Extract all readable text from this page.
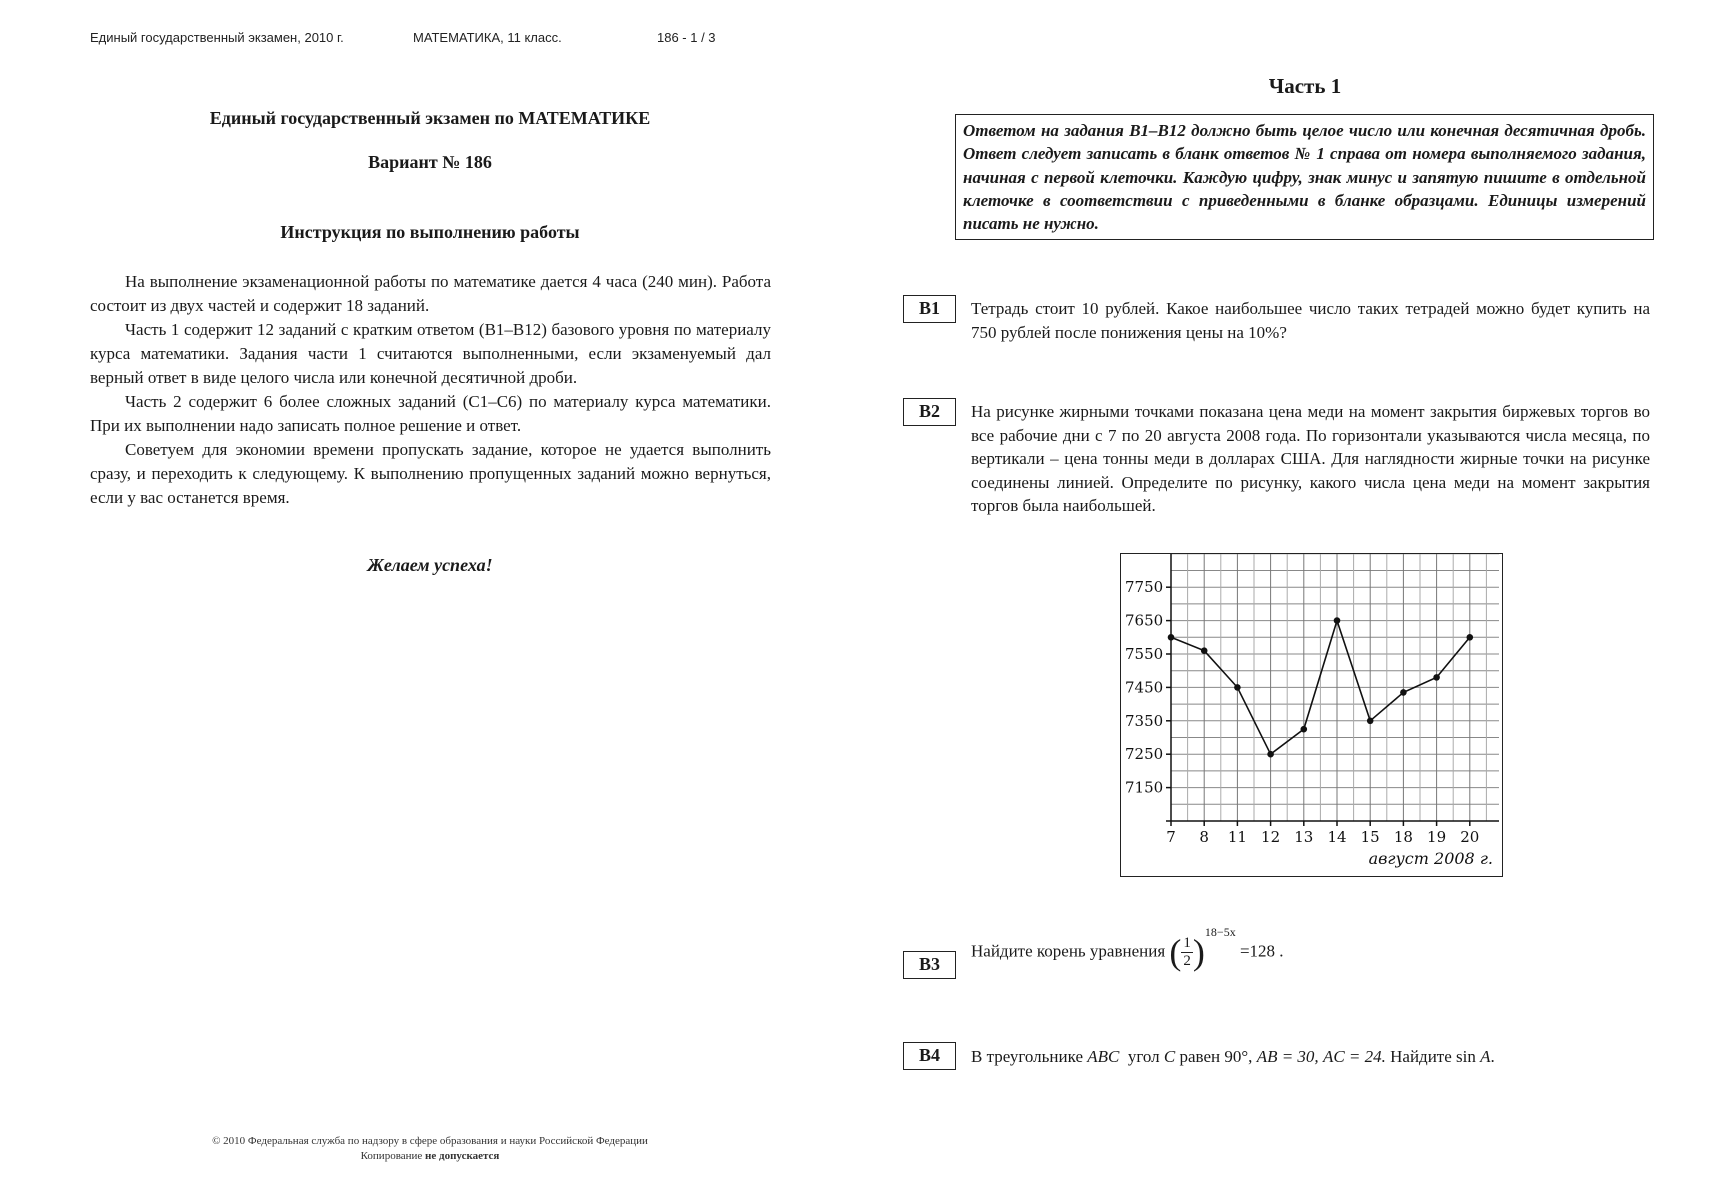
Единый государственный экзамен, 2010 г.	МАТЕМАТИКА, 11 класс.	186 - 1 / 3
Единый государственный экзамен по МАТЕМАТИКЕ
Вариант № 186
Инструкция по выполнению работы

На выполнение экзаменационной работы по математике дается 4 часа (240 мин). Работа состоит из двух частей и содержит 18 заданий.

Часть 1 содержит 12 заданий с кратким ответом (B1–B12) базового уровня по материалу курса математики. Задания части 1 считаются выполненными, если экзаменуемый дал верный ответ в виде целого числа или конечной десятичной дроби.

Часть 2 содержит 6 более сложных заданий (C1–C6) по материалу курса математики. При их выполнении надо записать полное решение и ответ.

Советуем для экономии времени пропускать задание, которое не удается выполнить сразу, и переходить к следующему. К выполнению пропущенных заданий можно вернуться, если у вас останется время.

Желаем успеха!
Часть 1
Ответом на задания B1–B12 должно быть целое число или конечная десятичная дробь. Ответ следует записать в бланк ответов № 1 справа от номера выполняемого задания, начиная с первой клеточки. Каждую цифру, знак минус и запятую пишите в отдельной клеточке в соответствии с приведенными в бланке образцами. Единицы измерений писать не нужно.
B1	Тетрадь стоит 10 рублей. Какое наибольшее число таких тетрадей можно будет купить на 750 рублей после понижения цены на 10%?
B2	На рисунке жирными точками показана цена меди на момент закрытия биржевых торгов во все рабочие дни с 7 по 20 августа 2008 года. По горизонтали указываются числа месяца, по вертикали – цена тонны меди в долларах США. Для наглядности жирные точки на рисунке соединены линией. Определите по рисунку, какого числа цена меди на момент закрытия торгов была наибольшей.
7150
7250
7350
7450
7550
7650
7750
7 8 11 12 13 14 15 18 19 20
август 2008 г.
B3
Найдите корень уравнения ( $\frac{1}{2})^{18-5x} =128$ .
B4	В треугольнике ABC угол C равен 90°, AB = 30, AC = 24. Найдите sin A.
© 2010 Федеральная служба по надзору в сфере образования и науки Российской Федерации
Копирование не допускается
